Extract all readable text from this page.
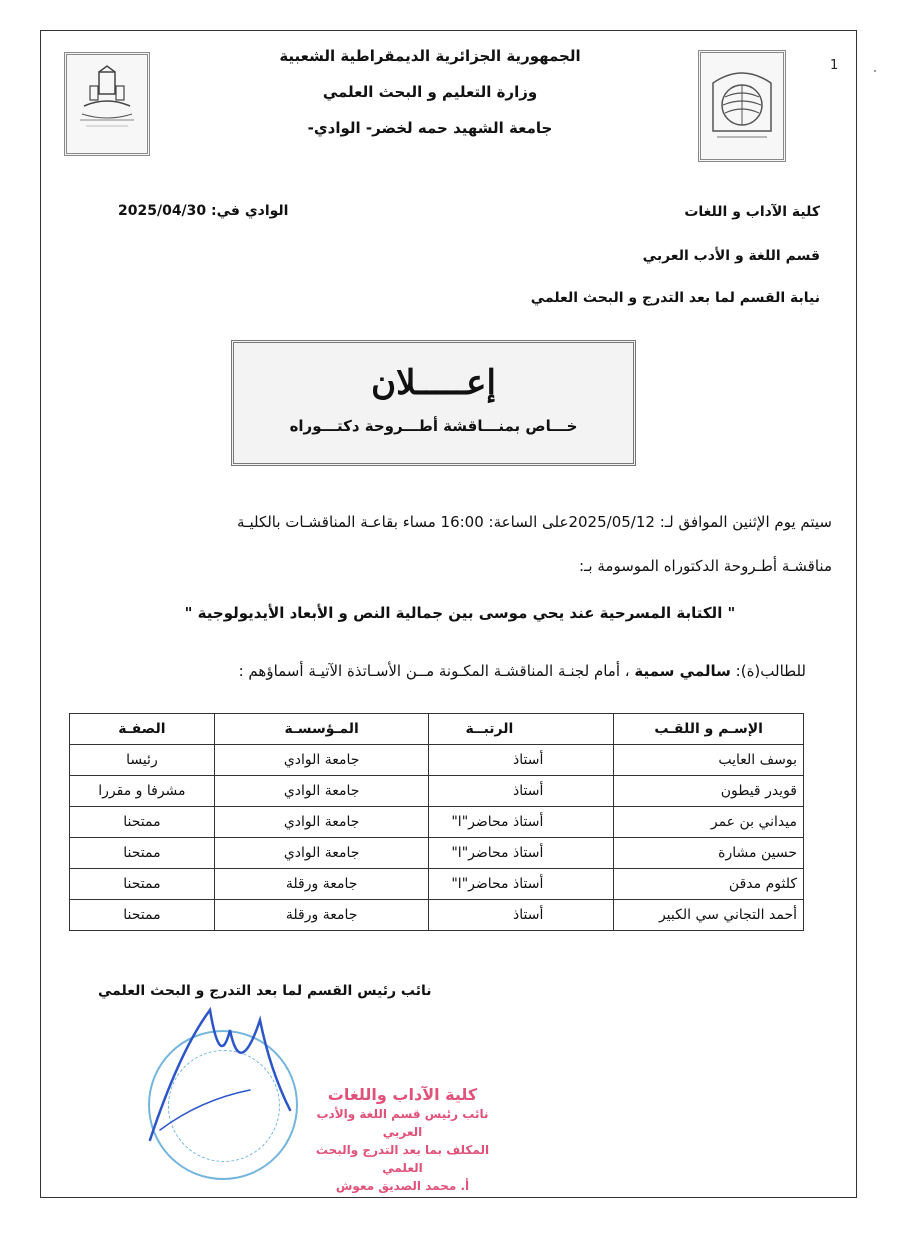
1
الجمهورية الجزائرية الديمقراطية الشعبية
وزارة التعليم و البحث العلمي
جامعة الشهيد حمه لخضر- الوادي-
كلية الآداب و اللغات
الوادي في: 2025/04/30
قسم اللغة و الأدب العربي
نيابة القسم لما بعد التدرج و البحث العلمي
إعـــــلان
خـــاص بمنـــاقشة أطـــروحة دكتـــوراه
سيتم يوم الإثنين الموافق لـ: 2025/05/12على الساعة: 16:00 مساء بقاعـة المناقشـات بالكليـة
مناقشـة أطـروحة الدكتوراه الموسومة بـ:
" الكتابة المسرحية عند يحي موسى بين جمالية النص و الأبعاد الأيديولوجية "
للطالب(ة): سالمي سمية ، أمام لجنـة المناقشـة المكـونة مــن الأسـاتذة الآتيـة أسماؤهم :
الإسـم و اللقـب	الرتبــة	المـؤسسـة	الصفـة
بوسف العايب	أستاذ	جامعة الوادي	رئيسا
قويدر قيطون	أستاذ	جامعة الوادي	مشرفا و مقررا
ميداني بن عمر	أستاذ محاضر"ا"	جامعة الوادي	ممتحنا
حسين مشارة	أستاذ محاضر"ا"	جامعة الوادي	ممتحنا
كلثوم مدقن	أستاذ محاضر"ا"	جامعة ورقلة	ممتحنا
أحمد التجاني سي الكبير	أستاذ	جامعة ورقلة	ممتحنا
نائب رئيس القسم لما بعد التدرج و البحث العلمي
كلية الآداب واللغات
نائب رئيس قسم اللغة والأدب العربي
المكلف بما بعد التدرج والبحث العلمي
أ. محمد الصديق معوش
